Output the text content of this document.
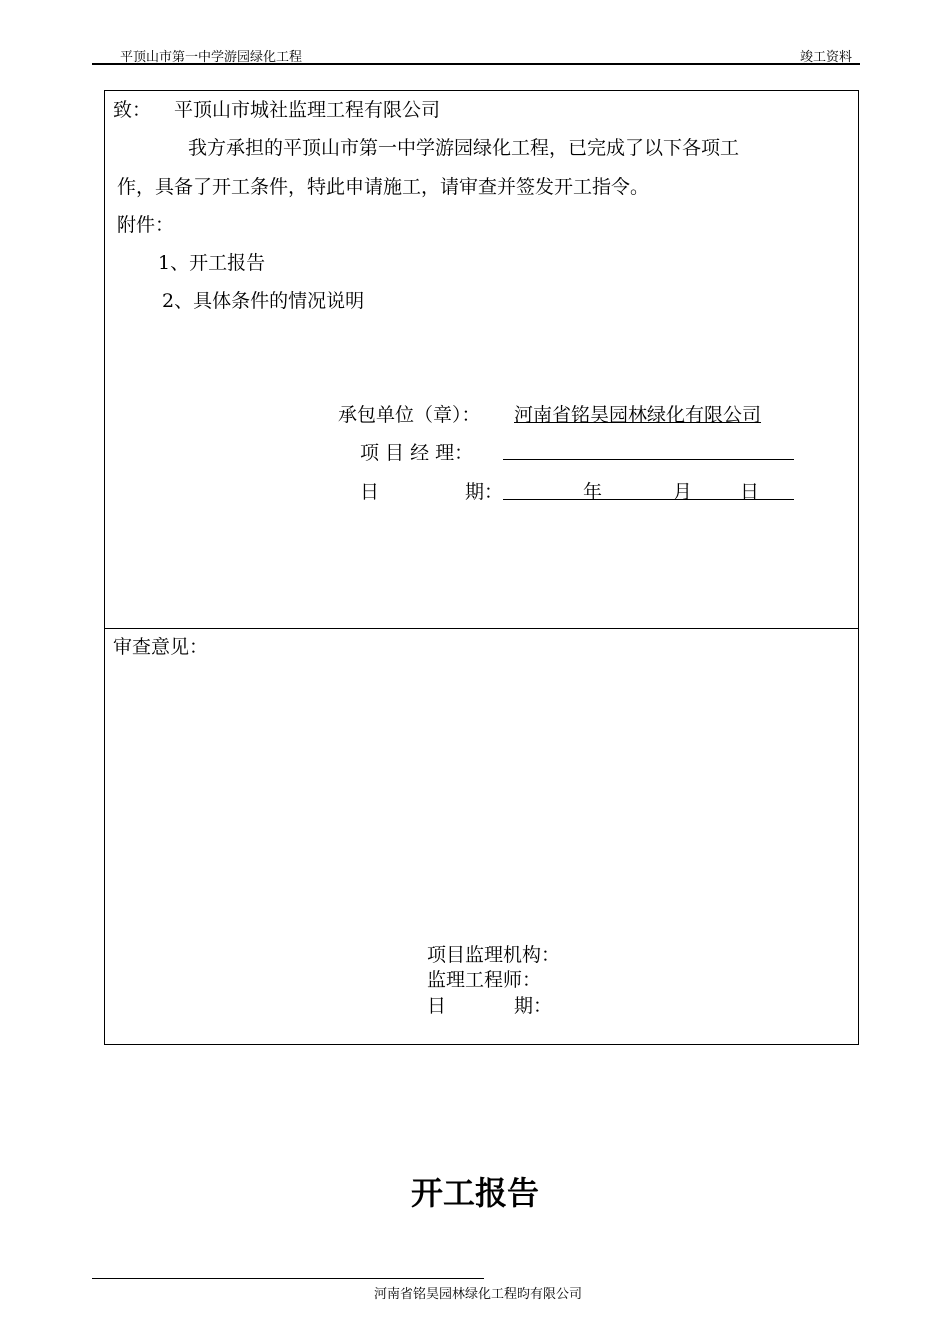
平顶山市第一中学游园绿化工程	竣工资料
致： 平顶山市城社监理工程有限公司
我方承担的平顶山市第一中学游园绿化工程，已完成了以下各项工
作，具备了开工条件，特此申请施工，请审查并签发开工指令。
附件：
1、开工报告
2、具体条件的情况说明
承包单位（章）： 河南省铭昊园林绿化有限公司
项 目 经 理：
日	期：	年	月	日
审查意见：
项目监理机构：
监理工程师：
日	期：
开工报告
河南省铭昊园林绿化工程昀有限公司
